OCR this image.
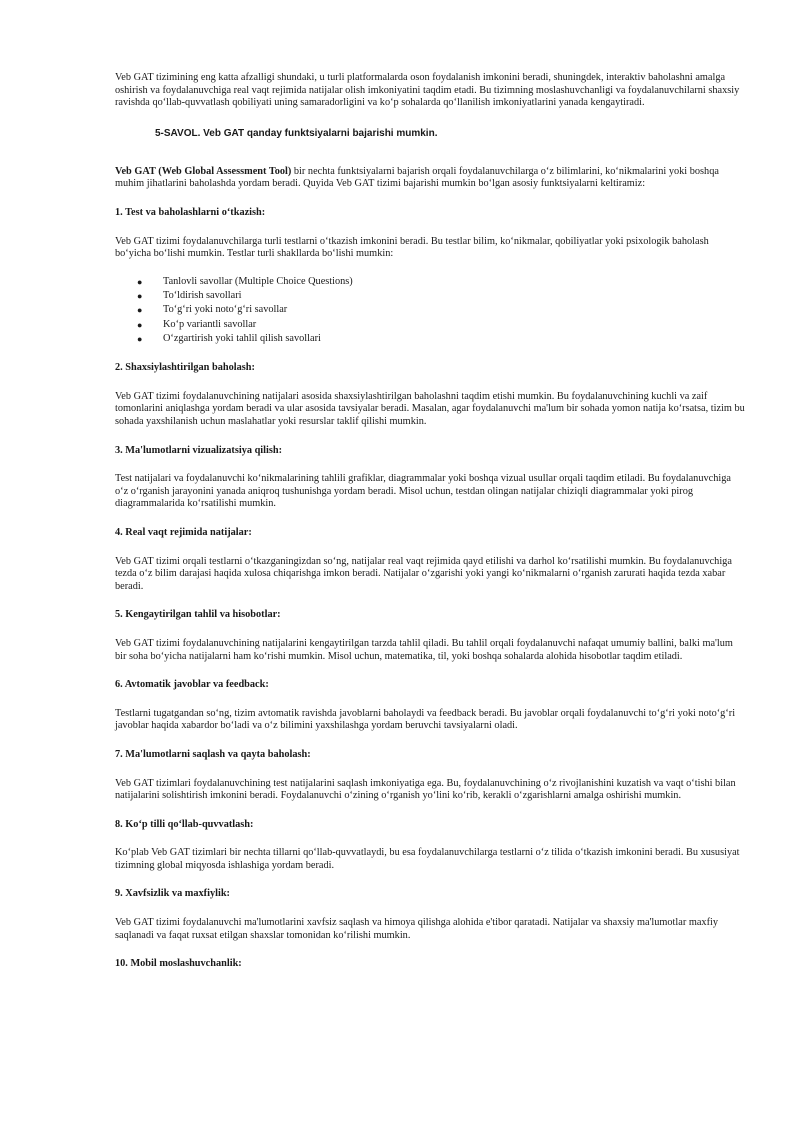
Veb GAT tizimining eng katta afzalligi shundaki, u turli platformalarda oson foydalanish imkonini beradi, shuningdek, interaktiv baholashni amalga oshirish va foydalanuvchiga real vaqt rejimida natijalar olish imkoniyatini taqdim etadi. Bu tizimning moslashuvchanligi va foydalanuvchilarni shaxsiy ravishda qo‘llab-quvvatlash qobiliyati uning samaradorligini va ko‘p sohalarda qo‘llanilish imkoniyatlarini yanada kengaytiradi.

5-SAVOL. Veb GAT qanday funktsiyalarni bajarishi mumkin.

Veb GAT (Web Global Assessment Tool) bir nechta funktsiyalarni bajarish orqali foydalanuvchilarga o‘z bilimlarini, ko‘nikmalarini yoki boshqa muhim jihatlarini baholashda yordam beradi. Quyida Veb GAT tizimi bajarishi mumkin bo‘lgan asosiy funktsiyalarni keltiramiz:

1. Test va baholashlarni o‘tkazish:

Veb GAT tizimi foydalanuvchilarga turli testlarni o‘tkazish imkonini beradi. Bu testlar bilim, ko‘nikmalar, qobiliyatlar yoki psixologik baholash bo‘yicha bo‘lishi mumkin. Testlar turli shakllarda bo‘lishi mumkin:

● Tanlovli savollar (Multiple Choice Questions)
● To‘ldirish savollari
● To‘g‘ri yoki noto‘g‘ri savollar
● Ko‘p variantli savollar
● O‘zgartirish yoki tahlil qilish savollari
2. Shaxsiylashtirilgan baholash:

Veb GAT tizimi foydalanuvchining natijalari asosida shaxsiylashtirilgan baholashni taqdim etishi mumkin. Bu foydalanuvchining kuchli va zaif tomonlarini aniqlashga yordam beradi va ular asosida tavsiyalar beradi. Masalan, agar foydalanuvchi ma'lum bir sohada yomon natija ko‘rsatsa, tizim bu sohada yaxshilanish uchun maslahatlar yoki resurslar taklif qilishi mumkin.

3. Ma'lumotlarni vizualizatsiya qilish:

Test natijalari va foydalanuvchi ko‘nikmalarining tahlili grafiklar, diagrammalar yoki boshqa vizual usullar orqali taqdim etiladi. Bu foydalanuvchiga o‘z o‘rganish jarayonini yanada aniqroq tushunishga yordam beradi. Misol uchun, testdan olingan natijalar chiziqli diagrammalar yoki pirog diagrammalarida ko‘rsatilishi mumkin.

4. Real vaqt rejimida natijalar:

Veb GAT tizimi orqali testlarni o‘tkazganingizdan so‘ng, natijalar real vaqt rejimida qayd etilishi va darhol ko‘rsatilishi mumkin. Bu foydalanuvchiga tezda o‘z bilim darajasi haqida xulosa chiqarishga imkon beradi. Natijalar o‘zgarishi yoki yangi ko‘nikmalarni o‘rganish zarurati haqida tezda xabar beradi.

5. Kengaytirilgan tahlil va hisobotlar:

Veb GAT tizimi foydalanuvchining natijalarini kengaytirilgan tarzda tahlil qiladi. Bu tahlil orqali foydalanuvchi nafaqat umumiy ballini, balki ma'lum bir soha bo‘yicha natijalarni ham ko‘rishi mumkin. Misol uchun, matematika, til, yoki boshqa sohalarda alohida hisobotlar taqdim etiladi.

6. Avtomatik javoblar va feedback:

Testlarni tugatgandan so‘ng, tizim avtomatik ravishda javoblarni baholaydi va feedback beradi. Bu javoblar orqali foydalanuvchi to‘g‘ri yoki noto‘g‘ri javoblar haqida xabardor bo‘ladi va o‘z bilimini yaxshilashga yordam beruvchi tavsiyalarni oladi.

7. Ma'lumotlarni saqlash va qayta baholash:

Veb GAT tizimlari foydalanuvchining test natijalarini saqlash imkoniyatiga ega. Bu, foydalanuvchining o‘z rivojlanishini kuzatish va vaqt o‘tishi bilan natijalarini solishtirish imkonini beradi. Foydalanuvchi o‘zining o‘rganish yo‘lini ko‘rib, kerakli o‘zgarishlarni amalga oshirishi mumkin.

8. Ko‘p tilli qo‘llab-quvvatlash:

Ko‘plab Veb GAT tizimlari bir nechta tillarni qo‘llab-quvvatlaydi, bu esa foydalanuvchilarga testlarni o‘z tilida o‘tkazish imkonini beradi. Bu xususiyat tizimning global miqyosda ishlashiga yordam beradi.

9. Xavfsizlik va maxfiylik:

Veb GAT tizimi foydalanuvchi ma'lumotlarini xavfsiz saqlash va himoya qilishga alohida e'tibor qaratadi. Natijalar va shaxsiy ma'lumotlar maxfiy saqlanadi va faqat ruxsat etilgan shaxslar tomonidan ko‘rilishi mumkin.

10. Mobil moslashuvchanlik:
